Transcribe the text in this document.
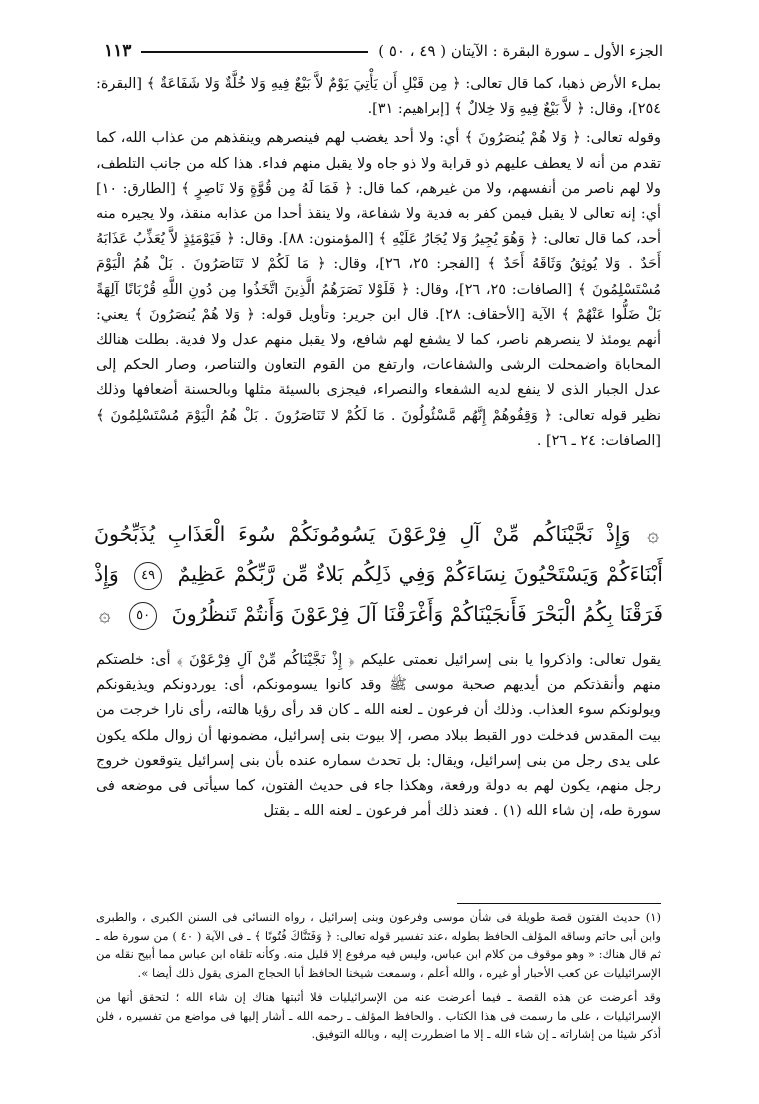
الجزء الأول ـ سورة البقرة : الآيتان ( ٤٩ ، ٥٠ )
١١٣

بملء الأرض ذهبا، كما قال تعالى: ﴿ مِن قَبْلِ أَن يَأْتِيَ يَوْمٌ لاَّ بَيْعٌ فِيهِ وَلا خُلَّةٌ وَلا شَفَاعَةٌ ﴾ [البقرة: ٢٥٤]، وقال: ﴿ لاَّ بَيْعٌ فِيهِ وَلا خِلالٌ ﴾ [إبراهيم: ٣١].

وقوله تعالى: ﴿ وَلا هُمْ يُنصَرُونَ ﴾ أي: ولا أحد يغضب لهم فينصرهم وينقذهم من عذاب الله، كما تقدم من أنه لا يعطف عليهم ذو قرابة ولا ذو جاه ولا يقبل منهم فداء. هذا كله من جانب التلطف، ولا لهم ناصر من أنفسهم، ولا من غيرهم، كما قال: ﴿ فَمَا لَهُ مِن قُوَّةٍ وَلا نَاصِرٍ ﴾ [الطارق: ١٠] أي: إنه تعالى لا يقبل فيمن كفر به فدية ولا شفاعة، ولا ينقذ أحدا من عذابه منقذ، ولا يجيره منه أحد، كما قال تعالى: ﴿ وَهُوَ يُجِيرُ وَلا يُجَارُ عَلَيْهِ ﴾ [المؤمنون: ٨٨]. وقال: ﴿ فَيَوْمَئِذٍ لاَّ يُعَذِّبُ عَذَابَهُ أَحَدٌ . وَلا يُوثِقُ وَثَاقَهُ أَحَدٌ ﴾ [الفجر: ٢٥، ٢٦]، وقال: ﴿ مَا لَكُمْ لا تَنَاصَرُونَ . بَلْ هُمُ الْيَوْمَ مُسْتَسْلِمُونَ ﴾ [الصافات: ٢٥، ٢٦]، وقال: ﴿ فَلَوْلا نَصَرَهُمُ الَّذِينَ اتَّخَذُوا مِن دُونِ اللَّهِ قُرْبَانًا آلِهَةً بَلْ ضَلُّوا عَنْهُمْ ﴾ الآية [الأحقاف: ٢٨]. قال ابن جرير: وتأويل قوله: ﴿ وَلا هُمْ يُنصَرُونَ ﴾ يعني: أنهم يومئذ لا ينصرهم ناصر، كما لا يشفع لهم شافع، ولا يقبل منهم عدل ولا فدية. بطلت هنالك المحاباة واضمحلت الرشى والشفاعات، وارتفع من القوم التعاون والتناصر، وصار الحكم إلى عدل الجبار الذى لا ينفع لديه الشفعاء والنصراء، فيجزى بالسيئة مثلها وبالحسنة أضعافها وذلك نظير قوله تعالى: ﴿ وَقِفُوهُمْ إِنَّهُم مَّسْئُولُونَ . مَا لَكُمْ لا تَنَاصَرُونَ . بَلْ هُمُ الْيَوْمَ مُسْتَسْلِمُونَ ﴾ [الصافات: ٢٤ ـ ٢٦] .

۞ وَإِذْ نَجَّيْنَاكُم مِّنْ آلِ فِرْعَوْنَ يَسُومُونَكُمْ سُوءَ الْعَذَابِ يُذَبِّحُونَ أَبْنَاءَكُمْ وَيَسْتَحْيُونَ نِسَاءَكُمْ وَفِي ذَلِكُم بَلاءٌ مِّن رَّبِّكُمْ عَظِيمٌ ٤٩ وَإِذْ فَرَقْنَا بِكُمُ الْبَحْرَ فَأَنجَيْنَاكُمْ وَأَغْرَقْنَا آلَ فِرْعَوْنَ وَأَنتُمْ تَنظُرُونَ ٥٠ ۞

يقول تعالى: واذكروا يا بنى إسرائيل نعمتى عليكم ﴿ إِذْ نَجَّيْنَاكُم مِّنْ آلِ فِرْعَوْنَ ﴾ أى: خلصتكم منهم وأنقذتكم من أيديهم صحبة موسى ﷺ وقد كانوا يسومونكم، أى: يوردونكم ويذيقونكم ويولونكم سوء العذاب. وذلك أن فرعون ـ لعنه الله ـ كان قد رأى رؤيا هالته، رأى نارا خرجت من بيت المقدس فدخلت دور القبط ببلاد مصر، إلا بيوت بنى إسرائيل، مضمونها أن زوال ملكه يكون على يدى رجل من بنى إسرائيل، ويقال: بل تحدث سماره عنده بأن بنى إسرائيل يتوقعون خروج رجل منهم، يكون لهم به دولة ورفعة، وهكذا جاء فى حديث الفتون، كما سيأتى فى موضعه فى سورة طه، إن شاء الله (١) . فعند ذلك أمر فرعون ـ لعنه الله ـ بقتل

(١) حديث الفتون قصة طويلة فى شأن موسى وفرعون وبنى إسرائيل ، رواه النسائى فى السنن الكبرى ، والطبرى وابن أبى حاتم وساقه المؤلف الحافظ بطوله ،عند تفسير قوله تعالى: ﴿ وَفَتَنَّاكَ فُتُونًا ﴾ ـ فى الآية ( ٤٠ ) من سورة طه ـ ثم قال هناك: « وهو موقوف من كلام ابن عباس، وليس فيه مرفوع إلا قليل منه. وكأنه تلقاه ابن عباس مما أبيح نقله من الإسرائيليات عن كعب الأحبار أو غيره ، والله أعلم ، وسمعت شيخنا الحافظ أبا الحجاج المزى يقول ذلك أيضا ».

وقد أعرضت عن هذه القصة ـ فيما أعرضت عنه من الإسرائيليات فلا أثبتها هناك إن شاء الله ؛ لتحقق أنها من الإسرائيليات ، على ما رسمت فى هذا الكتاب . والحافظ المؤلف ـ رحمه الله ـ أشار إليها فى مواضع من تفسيره ، فلن أذكر شيئا من إشاراته ـ إن شاء الله ـ إلا ما اضطررت إليه ، وبالله التوفيق.
